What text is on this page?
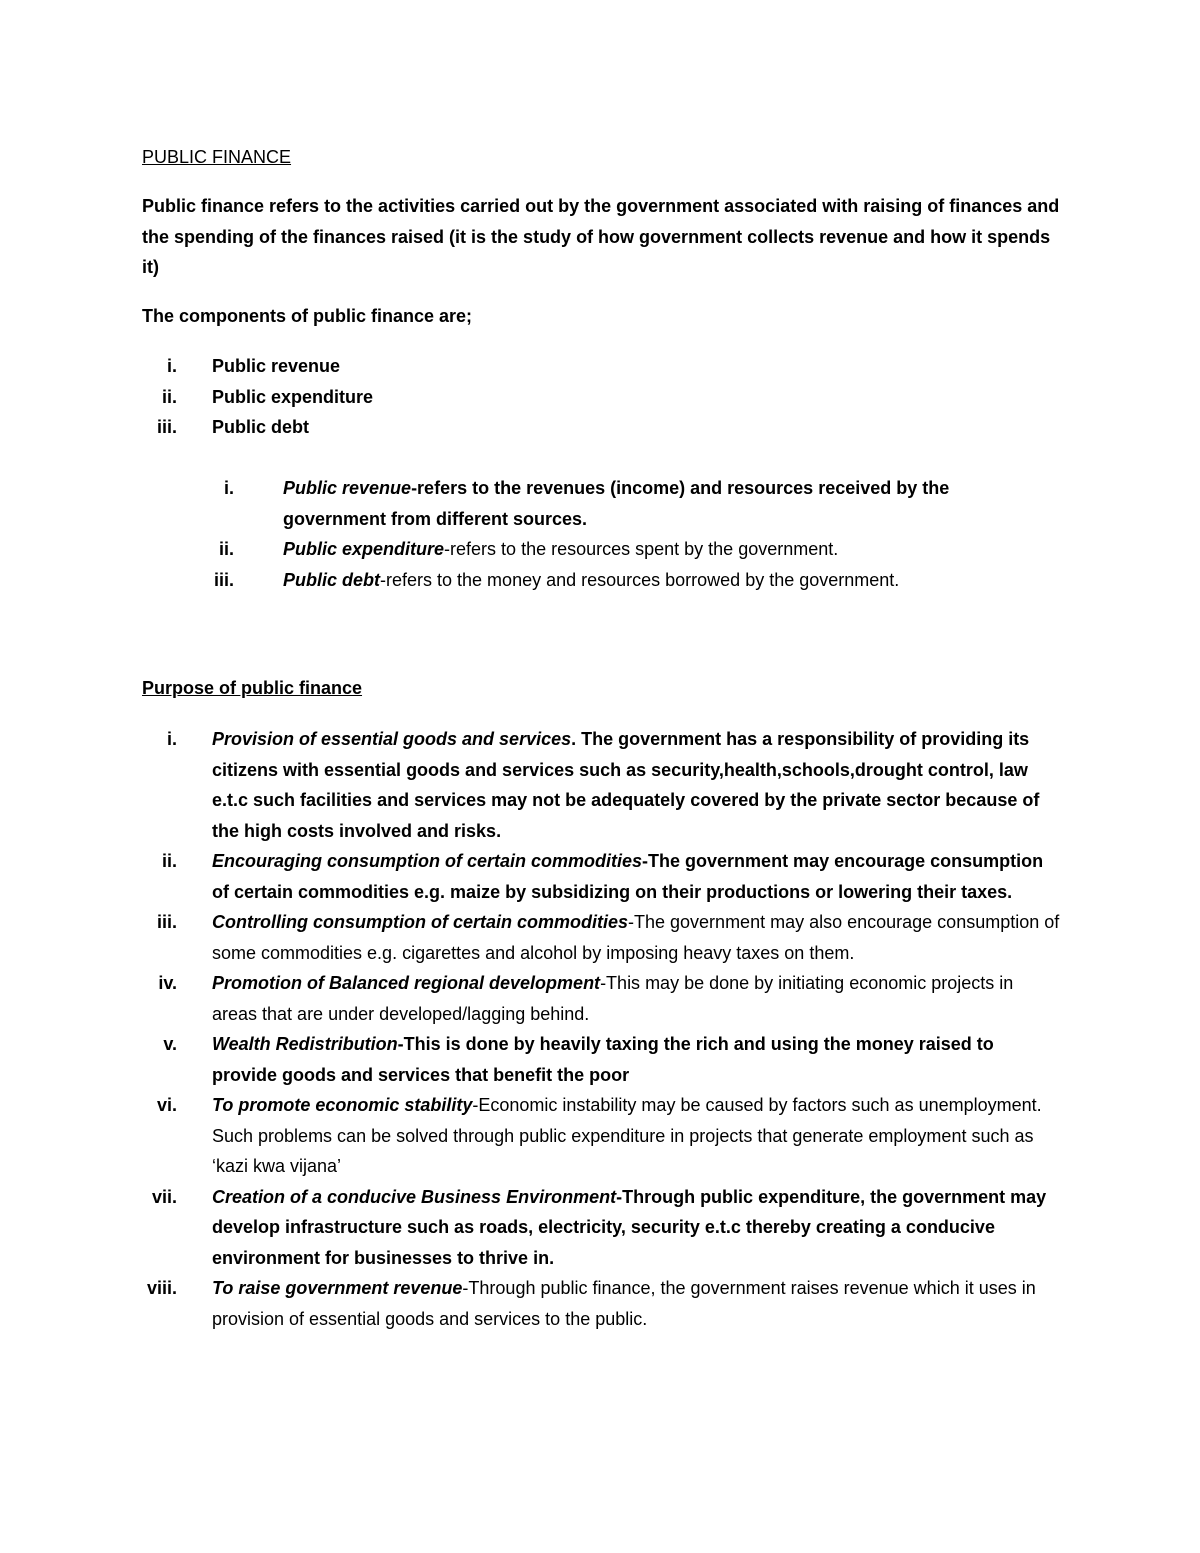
PUBLIC FINANCE
Public finance refers to the activities carried out by the government associated with raising of finances and the spending of the finances raised (it is the study of how government collects revenue and how it spends it)
The components of public finance are;
i. Public revenue
ii. Public expenditure
iii. Public debt
i.	Public revenue-refers to the revenues (income) and resources received by the government from different sources.
ii.	Public expenditure-refers to the resources spent by the government.
iii.	Public debt-refers to the money and resources borrowed by the government.
Purpose of public finance
i. Provision of essential goods and services. The government has a responsibility of providing its citizens with essential goods and services such as security,health,schools,drought control, law e.t.c such facilities and services may not be adequately covered by the private sector because of the high costs involved and risks.
ii. Encouraging consumption of certain commodities-The government may encourage consumption of certain commodities e.g. maize by subsidizing on their productions or lowering their taxes.
iii. Controlling consumption of certain commodities-The government may also encourage consumption of some commodities e.g. cigarettes and alcohol by imposing heavy taxes on them.
iv. Promotion of Balanced regional development-This may be done by initiating economic projects in areas that are under developed/lagging behind.
v. Wealth Redistribution-This is done by heavily taxing the rich and using the money raised to provide goods and services that benefit the poor
vi. To promote economic stability-Economic instability may be caused by factors such as unemployment. Such problems can be solved through public expenditure in projects that generate employment such as ‘kazi kwa vijana’
vii. Creation of a conducive Business Environment-Through public expenditure, the government may develop infrastructure such as roads, electricity, security e.t.c thereby creating a conducive environment for businesses to thrive in.
viii. To raise government revenue-Through public finance, the government raises revenue which it uses in provision of essential goods and services to the public.
